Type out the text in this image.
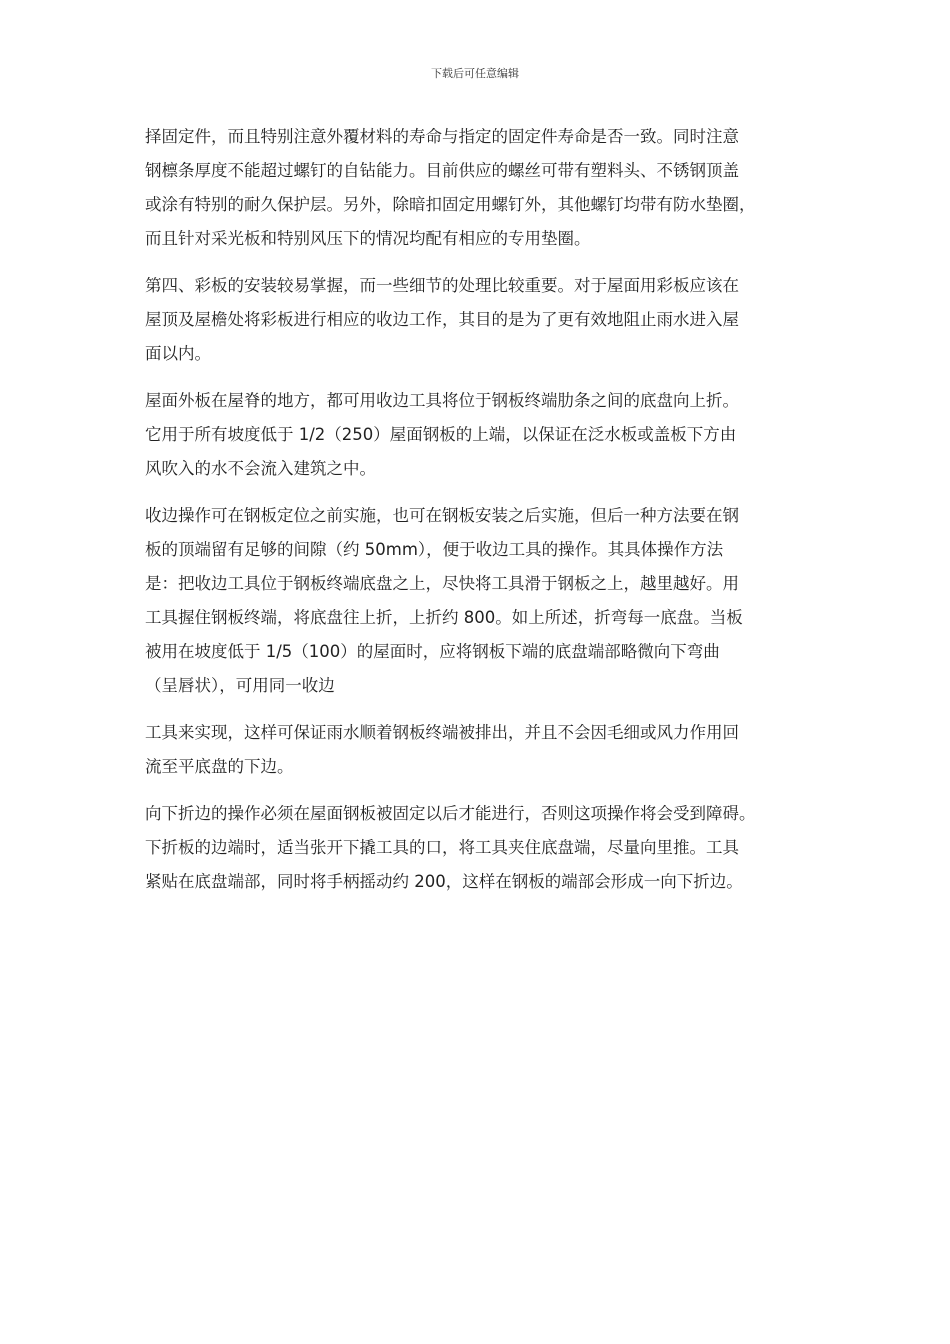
下载后可任意编辑

择固定件，而且特别注意外覆材料的寿命与指定的固定件寿命是否一致。同时注意
钢檩条厚度不能超过螺钉的自钻能力。目前供应的螺丝可带有塑料头、不锈钢顶盖
或涂有特别的耐久保护层。另外，除暗扣固定用螺钉外，其他螺钉均带有防水垫圈，
而且针对采光板和特别风压下的情况均配有相应的专用垫圈。

第四、彩板的安装较易掌握，而一些细节的处理比较重要。对于屋面用彩板应该在
屋顶及屋檐处将彩板进行相应的收边工作，其目的是为了更有效地阻止雨水进入屋
面以内。

屋面外板在屋脊的地方，都可用收边工具将位于钢板终端肋条之间的底盘向上折。
它用于所有坡度低于 1/2（250）屋面钢板的上端，以保证在泛水板或盖板下方由
风吹入的水不会流入建筑之中。

收边操作可在钢板定位之前实施，也可在钢板安装之后实施，但后一种方法要在钢
板的顶端留有足够的间隙（约 50mm），便于收边工具的操作。其具体操作方法
是：把收边工具位于钢板终端底盘之上，尽快将工具滑于钢板之上，越里越好。用
工具握住钢板终端，将底盘往上折，上折约 800。如上所述，折弯每一底盘。当板
被用在坡度低于 1/5（100）的屋面时，应将钢板下端的底盘端部略微向下弯曲
（呈唇状），可用同一收边

工具来实现，这样可保证雨水顺着钢板终端被排出，并且不会因毛细或风力作用回
流至平底盘的下边。

向下折边的操作必须在屋面钢板被固定以后才能进行，否则这项操作将会受到障碍。
下折板的边端时，适当张开下撬工具的口，将工具夹住底盘端，尽量向里推。工具
紧贴在底盘端部，同时将手柄摇动约 200，这样在钢板的端部会形成一向下折边。
